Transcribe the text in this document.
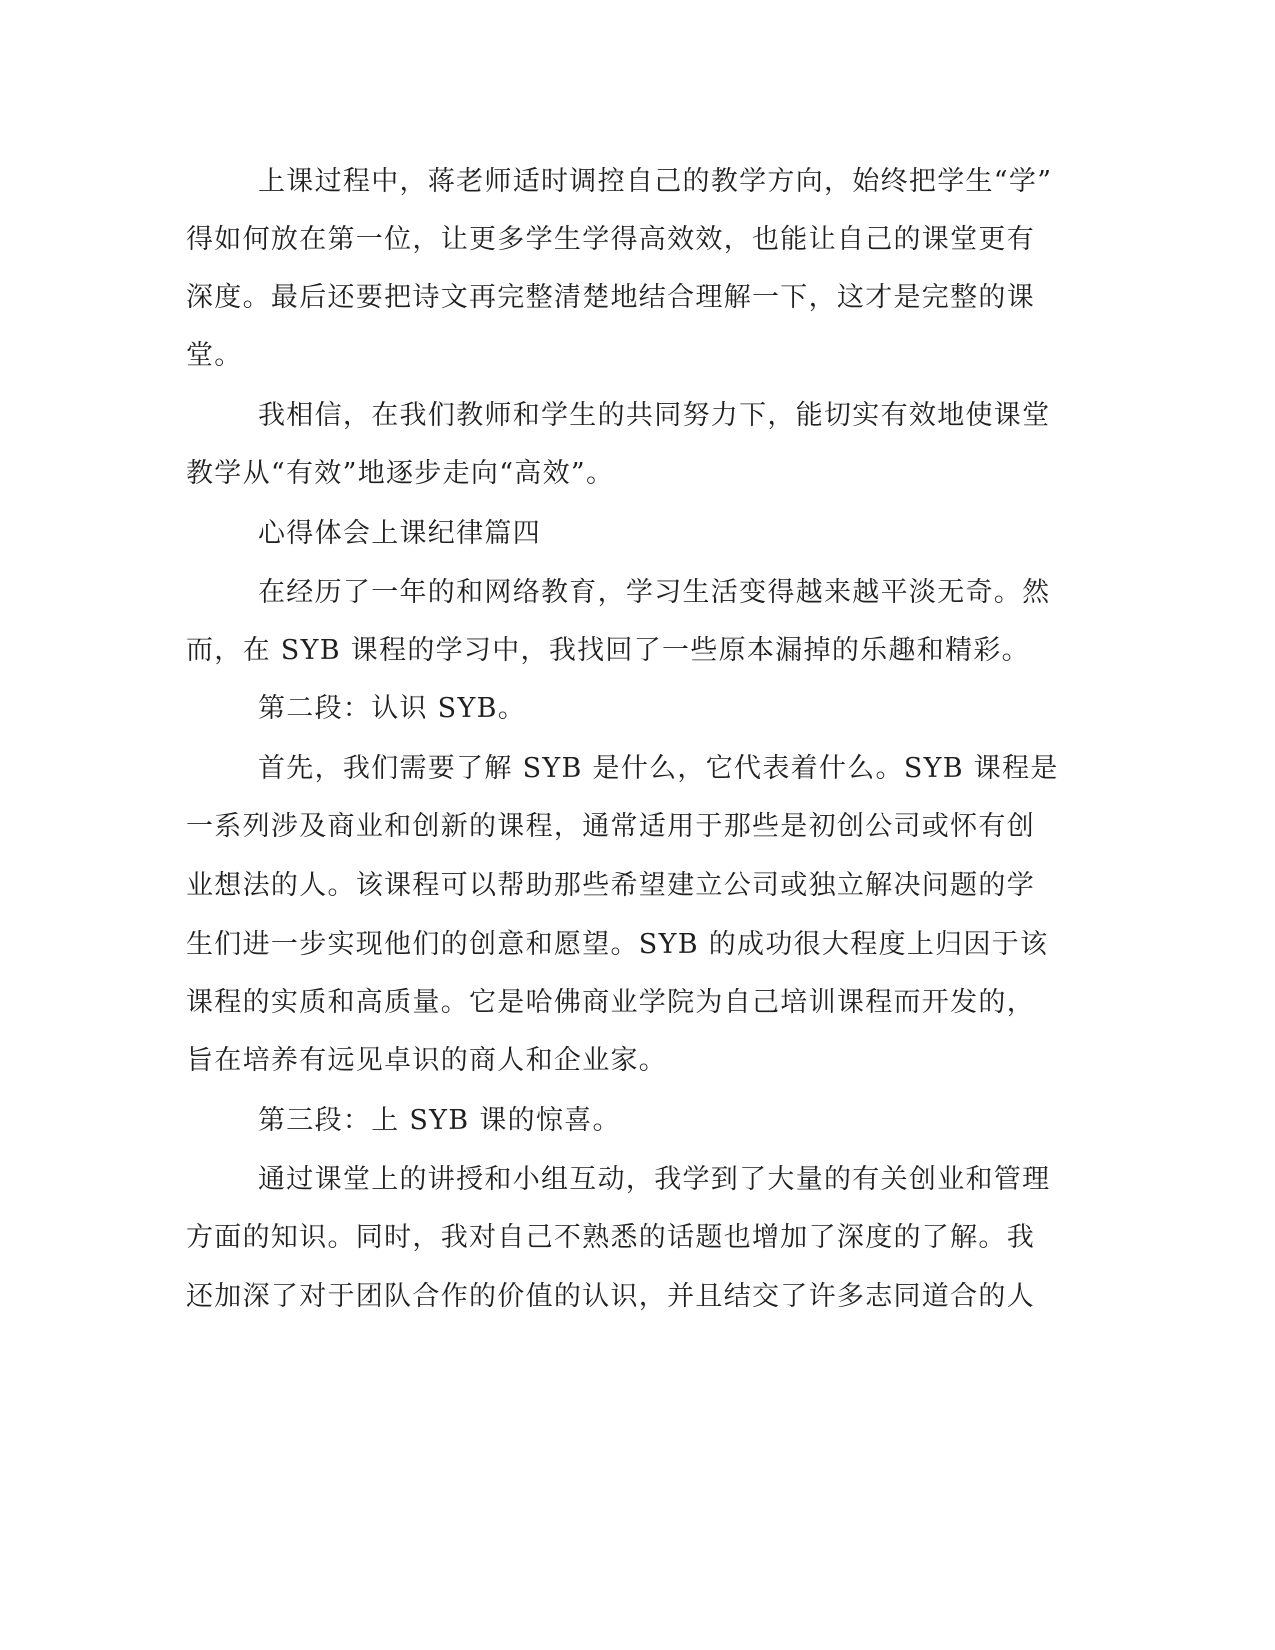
上课过程中，蒋老师适时调控自己的教学方向，始终把学生“学”

得如何放在第一位，让更多学生学得高效效，也能让自己的课堂更有

深度。最后还要把诗文再完整清楚地结合理解一下，这才是完整的课

堂。

我相信，在我们教师和学生的共同努力下，能切实有效地使课堂

教学从“有效”地逐步走向“高效”。

心得体会上课纪律篇四

在经历了一年的和网络教育，学习生活变得越来越平淡无奇。然

而，在 SYB 课程的学习中，我找回了一些原本漏掉的乐趣和精彩。

第二段：认识 SYB。

首先，我们需要了解 SYB 是什么，它代表着什么。SYB 课程是

一系列涉及商业和创新的课程，通常适用于那些是初创公司或怀有创

业想法的人。该课程可以帮助那些希望建立公司或独立解决问题的学

生们进一步实现他们的创意和愿望。SYB 的成功很大程度上归因于该

课程的实质和高质量。它是哈佛商业学院为自己培训课程而开发的，

旨在培养有远见卓识的商人和企业家。

第三段：上 SYB 课的惊喜。

通过课堂上的讲授和小组互动，我学到了大量的有关创业和管理

方面的知识。同时，我对自己不熟悉的话题也增加了深度的了解。我

还加深了对于团队合作的价值的认识，并且结交了许多志同道合的人
